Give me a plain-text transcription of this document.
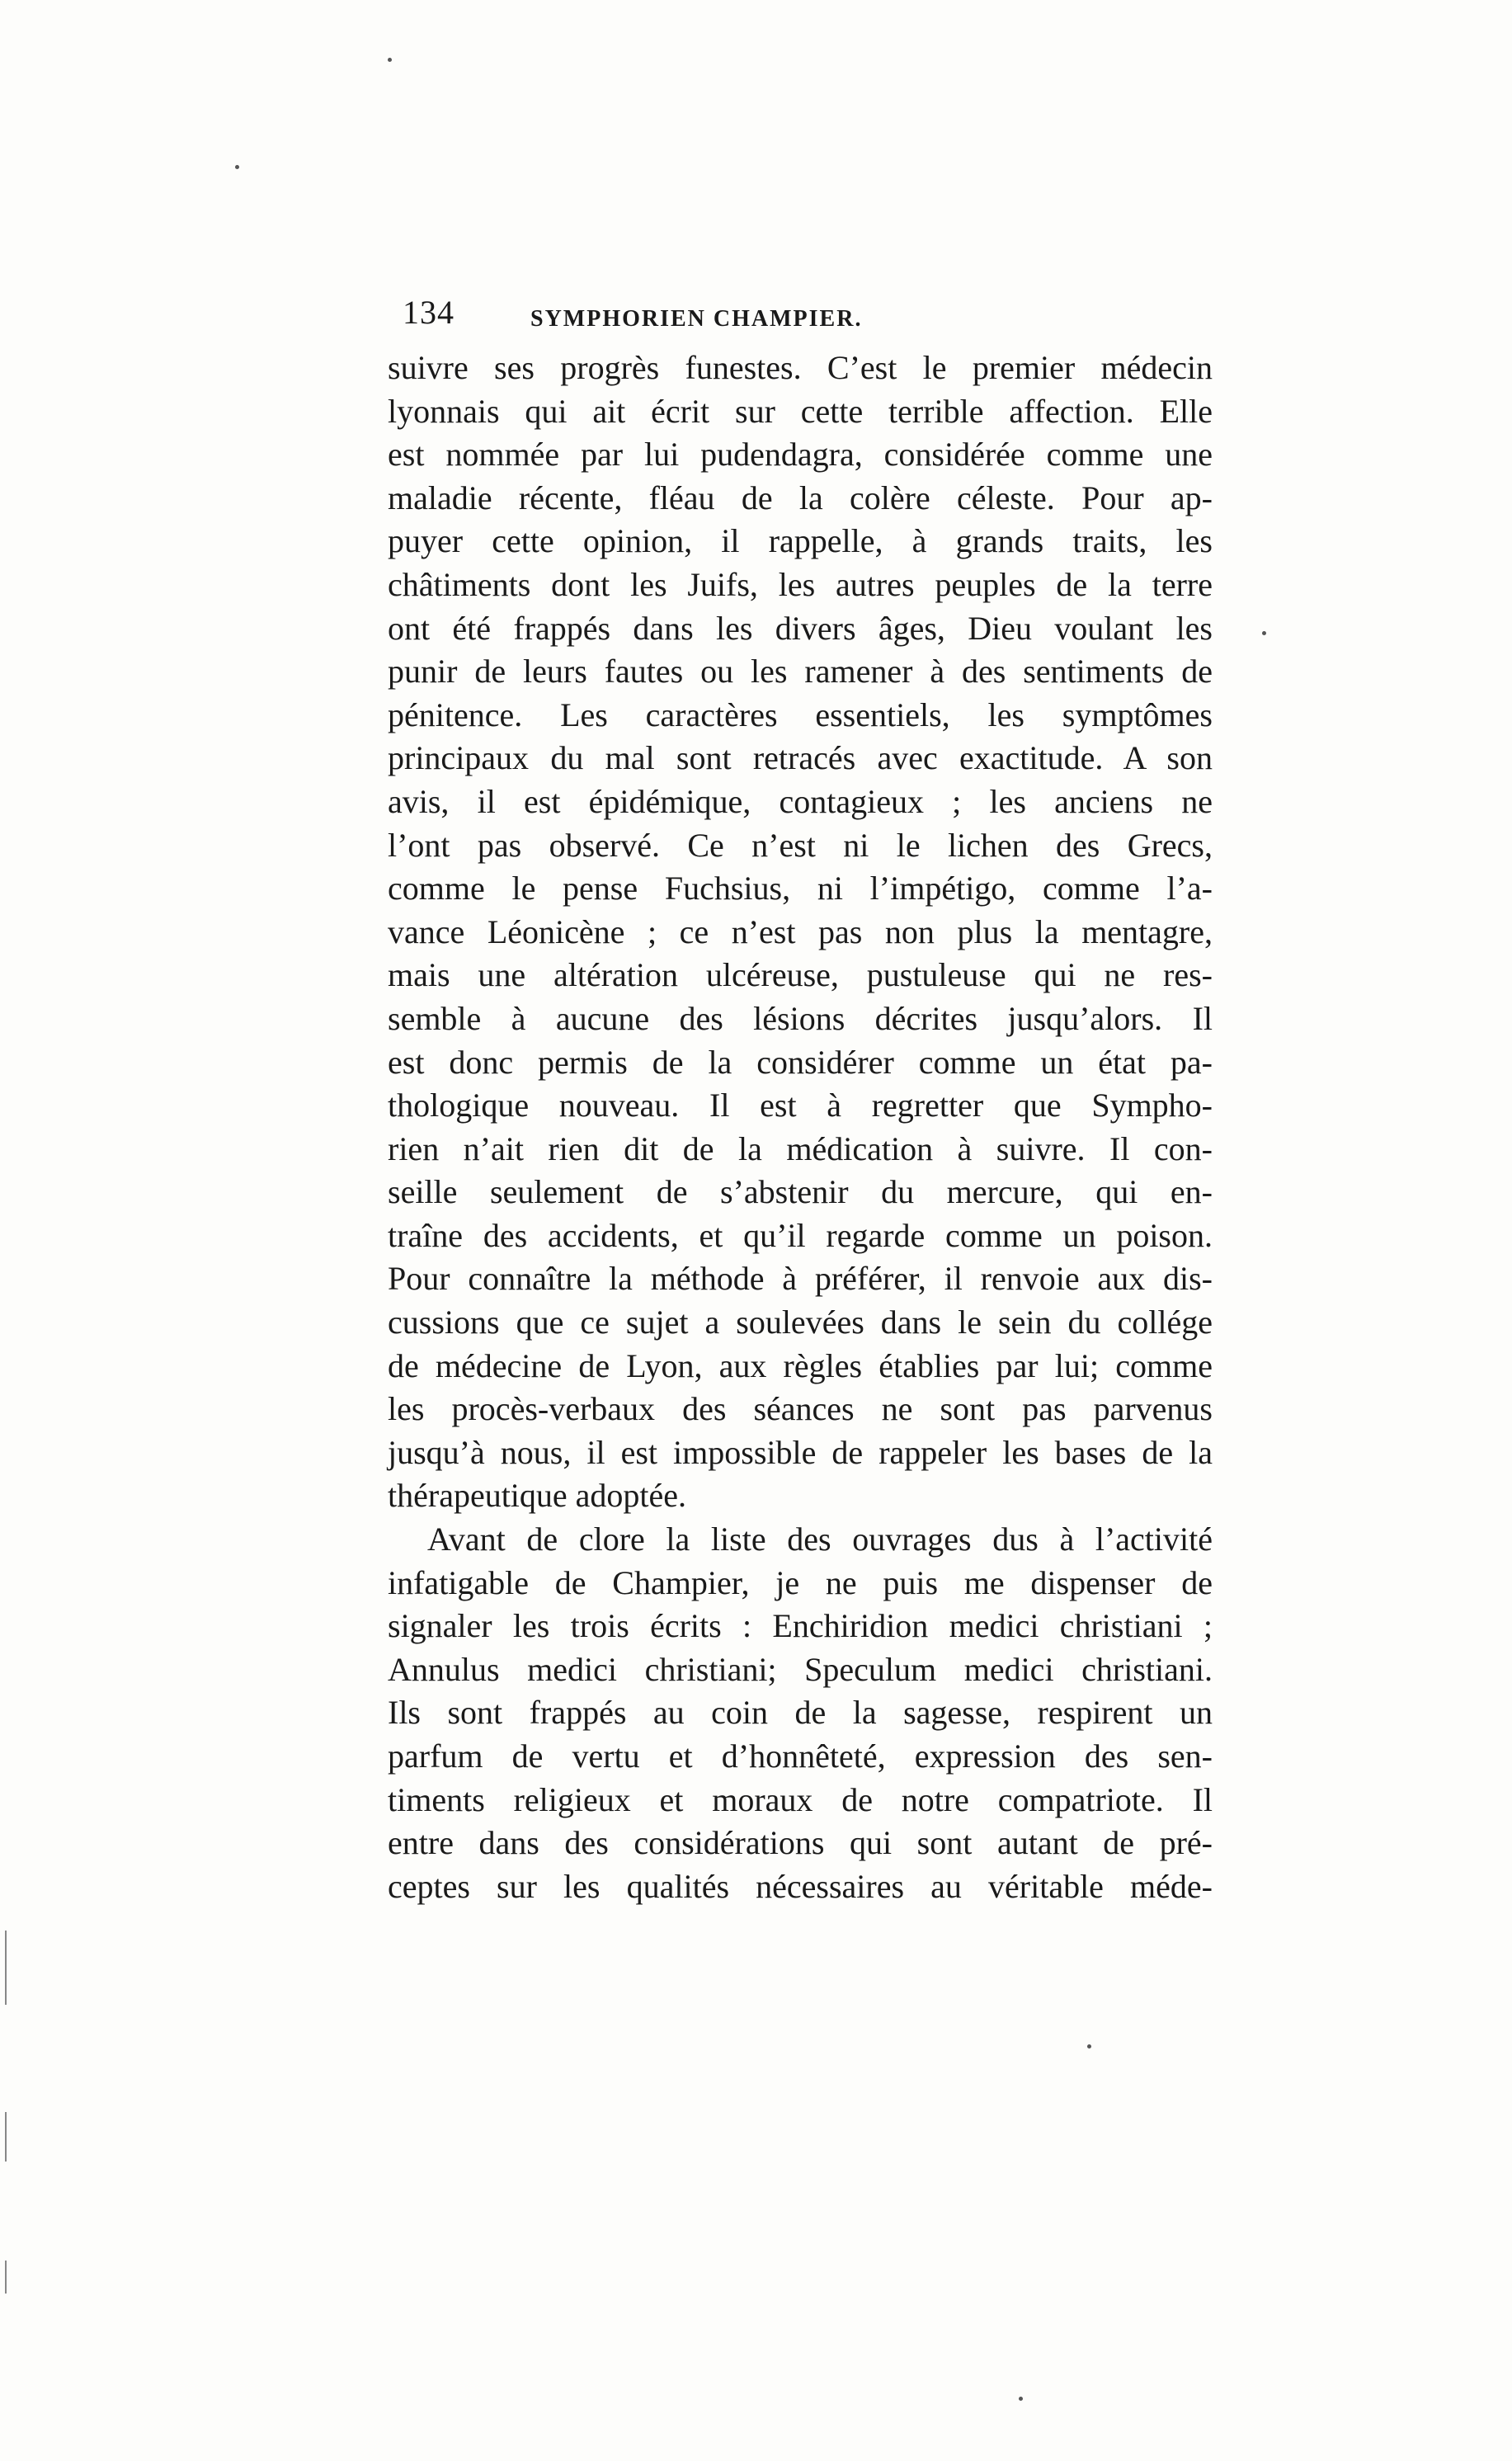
134	SYMPHORIEN CHAMPIER.
suivre ses progrès funestes. C’est le premier médecin
lyonnais qui ait écrit sur cette terrible affection. Elle
est nommée par lui pudendagra, considérée comme une
maladie récente, fléau de la colère céleste. Pour ap-
puyer cette opinion, il rappelle, à grands traits, les
châtiments dont les Juifs, les autres peuples de la terre
ont été frappés dans les divers âges, Dieu voulant les
punir de leurs fautes ou les ramener à des sentiments de
pénitence. Les caractères essentiels, les symptômes
principaux du mal sont retracés avec exactitude. A son
avis, il est épidémique, contagieux ; les anciens ne
l’ont pas observé. Ce n’est ni le lichen des Grecs,
comme le pense Fuchsius, ni l’impétigo, comme l’a-
vance Léonicène ; ce n’est pas non plus la mentagre,
mais une altération ulcéreuse, pustuleuse qui ne res-
semble à aucune des lésions décrites jusqu’alors. Il
est donc permis de la considérer comme un état pa-
thologique nouveau. Il est à regretter que Sympho-
rien n’ait rien dit de la médication à suivre. Il con-
seille seulement de s’abstenir du mercure, qui en-
traîne des accidents, et qu’il regarde comme un poison.
Pour connaître la méthode à préférer, il renvoie aux dis-
cussions que ce sujet a soulevées dans le sein du collége
de médecine de Lyon, aux règles établies par lui; comme
les procès-verbaux des séances ne sont pas parvenus
jusqu’à nous, il est impossible de rappeler les bases de la
thérapeutique adoptée.
Avant de clore la liste des ouvrages dus à l’activité
infatigable de Champier, je ne puis me dispenser de
signaler les trois écrits : Enchiridion medici christiani ;
Annulus medici christiani; Speculum medici christiani.
Ils sont frappés au coin de la sagesse, respirent un
parfum de vertu et d’honnêteté, expression des sen-
timents religieux et moraux de notre compatriote. Il
entre dans des considérations qui sont autant de pré-
ceptes sur les qualités nécessaires au véritable méde-
